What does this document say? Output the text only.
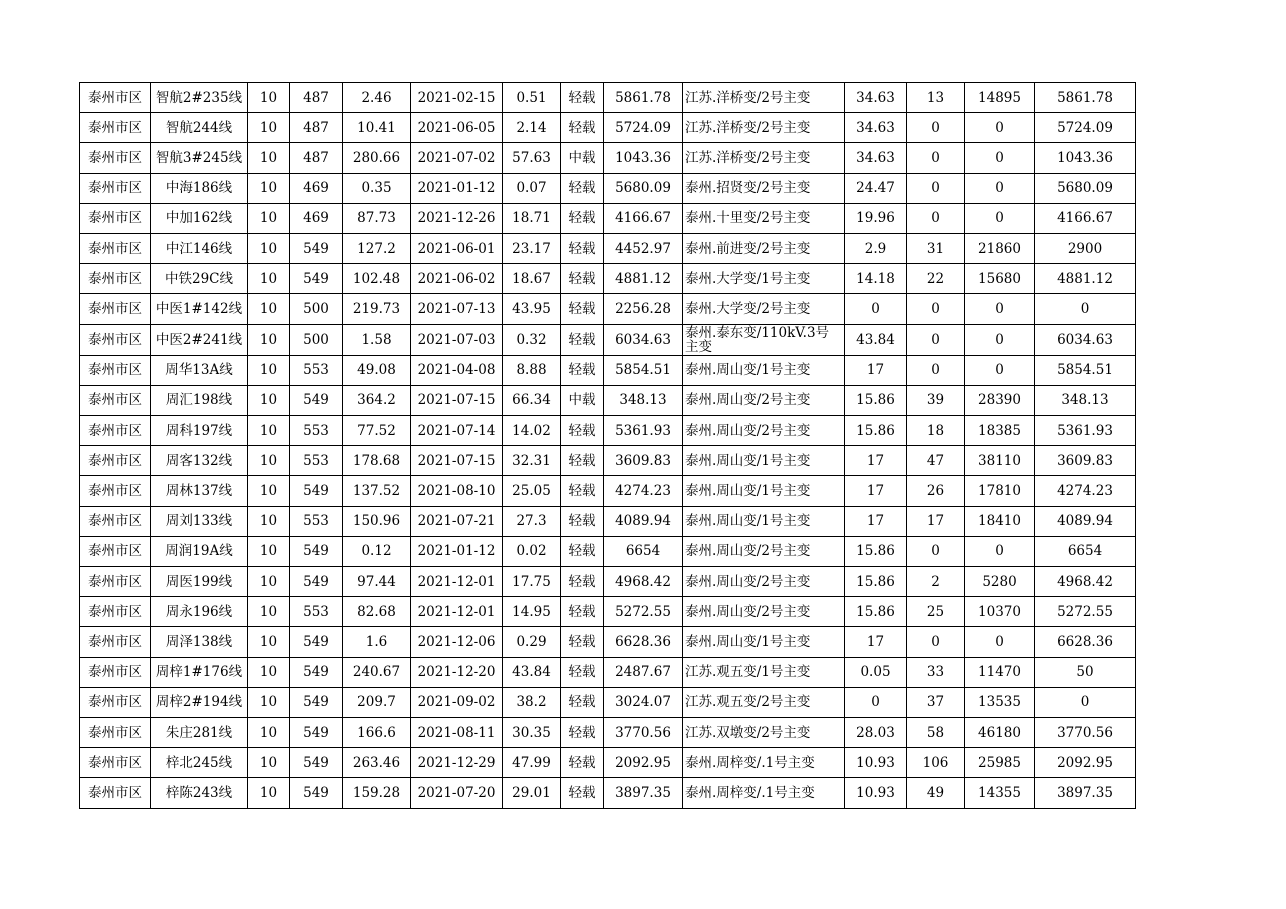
泰州市区	智航2#235线	10	487	2.46	2021-02-15	0.51	轻载	5861.78	江苏.洋桥变/2号主变	34.63	13	14895	5861.78
泰州市区	智航244线	10	487	10.41	2021-06-05	2.14	轻载	5724.09	江苏.洋桥变/2号主变	34.63	0	0	5724.09
泰州市区	智航3#245线	10	487	280.66	2021-07-02	57.63	中载	1043.36	江苏.洋桥变/2号主变	34.63	0	0	1043.36
泰州市区	中海186线	10	469	0.35	2021-01-12	0.07	轻载	5680.09	泰州.招贤变/2号主变	24.47	0	0	5680.09
泰州市区	中加162线	10	469	87.73	2021-12-26	18.71	轻载	4166.67	泰州.十里变/2号主变	19.96	0	0	4166.67
泰州市区	中江146线	10	549	127.2	2021-06-01	23.17	轻载	4452.97	泰州.前进变/2号主变	2.9	31	21860	2900
泰州市区	中铁29C线	10	549	102.48	2021-06-02	18.67	轻载	4881.12	泰州.大学变/1号主变	14.18	22	15680	4881.12
泰州市区	中医1#142线	10	500	219.73	2021-07-13	43.95	轻载	2256.28	泰州.大学变/2号主变	0	0	0	0
泰州市区	中医2#241线	10	500	1.58	2021-07-03	0.32	轻载	6034.63	泰州.泰东变/110kV.3号主变	43.84	0	0	6034.63
泰州市区	周华13A线	10	553	49.08	2021-04-08	8.88	轻载	5854.51	泰州.周山变/1号主变	17	0	0	5854.51
泰州市区	周汇198线	10	549	364.2	2021-07-15	66.34	中载	348.13	泰州.周山变/2号主变	15.86	39	28390	348.13
泰州市区	周科197线	10	553	77.52	2021-07-14	14.02	轻载	5361.93	泰州.周山变/2号主变	15.86	18	18385	5361.93
泰州市区	周客132线	10	553	178.68	2021-07-15	32.31	轻载	3609.83	泰州.周山变/1号主变	17	47	38110	3609.83
泰州市区	周林137线	10	549	137.52	2021-08-10	25.05	轻载	4274.23	泰州.周山变/1号主变	17	26	17810	4274.23
泰州市区	周刘133线	10	553	150.96	2021-07-21	27.3	轻载	4089.94	泰州.周山变/1号主变	17	17	18410	4089.94
泰州市区	周润19A线	10	549	0.12	2021-01-12	0.02	轻载	6654	泰州.周山变/2号主变	15.86	0	0	6654
泰州市区	周医199线	10	549	97.44	2021-12-01	17.75	轻载	4968.42	泰州.周山变/2号主变	15.86	2	5280	4968.42
泰州市区	周永196线	10	553	82.68	2021-12-01	14.95	轻载	5272.55	泰州.周山变/2号主变	15.86	25	10370	5272.55
泰州市区	周泽138线	10	549	1.6	2021-12-06	0.29	轻载	6628.36	泰州.周山变/1号主变	17	0	0	6628.36
泰州市区	周梓1#176线	10	549	240.67	2021-12-20	43.84	轻载	2487.67	江苏.观五变/1号主变	0.05	33	11470	50
泰州市区	周梓2#194线	10	549	209.7	2021-09-02	38.2	轻载	3024.07	江苏.观五变/2号主变	0	37	13535	0
泰州市区	朱庄281线	10	549	166.6	2021-08-11	30.35	轻载	3770.56	江苏.双墩变/2号主变	28.03	58	46180	3770.56
泰州市区	梓北245线	10	549	263.46	2021-12-29	47.99	轻载	2092.95	泰州.周梓变/.1号主变	10.93	106	25985	2092.95
泰州市区	梓陈243线	10	549	159.28	2021-07-20	29.01	轻载	3897.35	泰州.周梓变/.1号主变	10.93	49	14355	3897.35
